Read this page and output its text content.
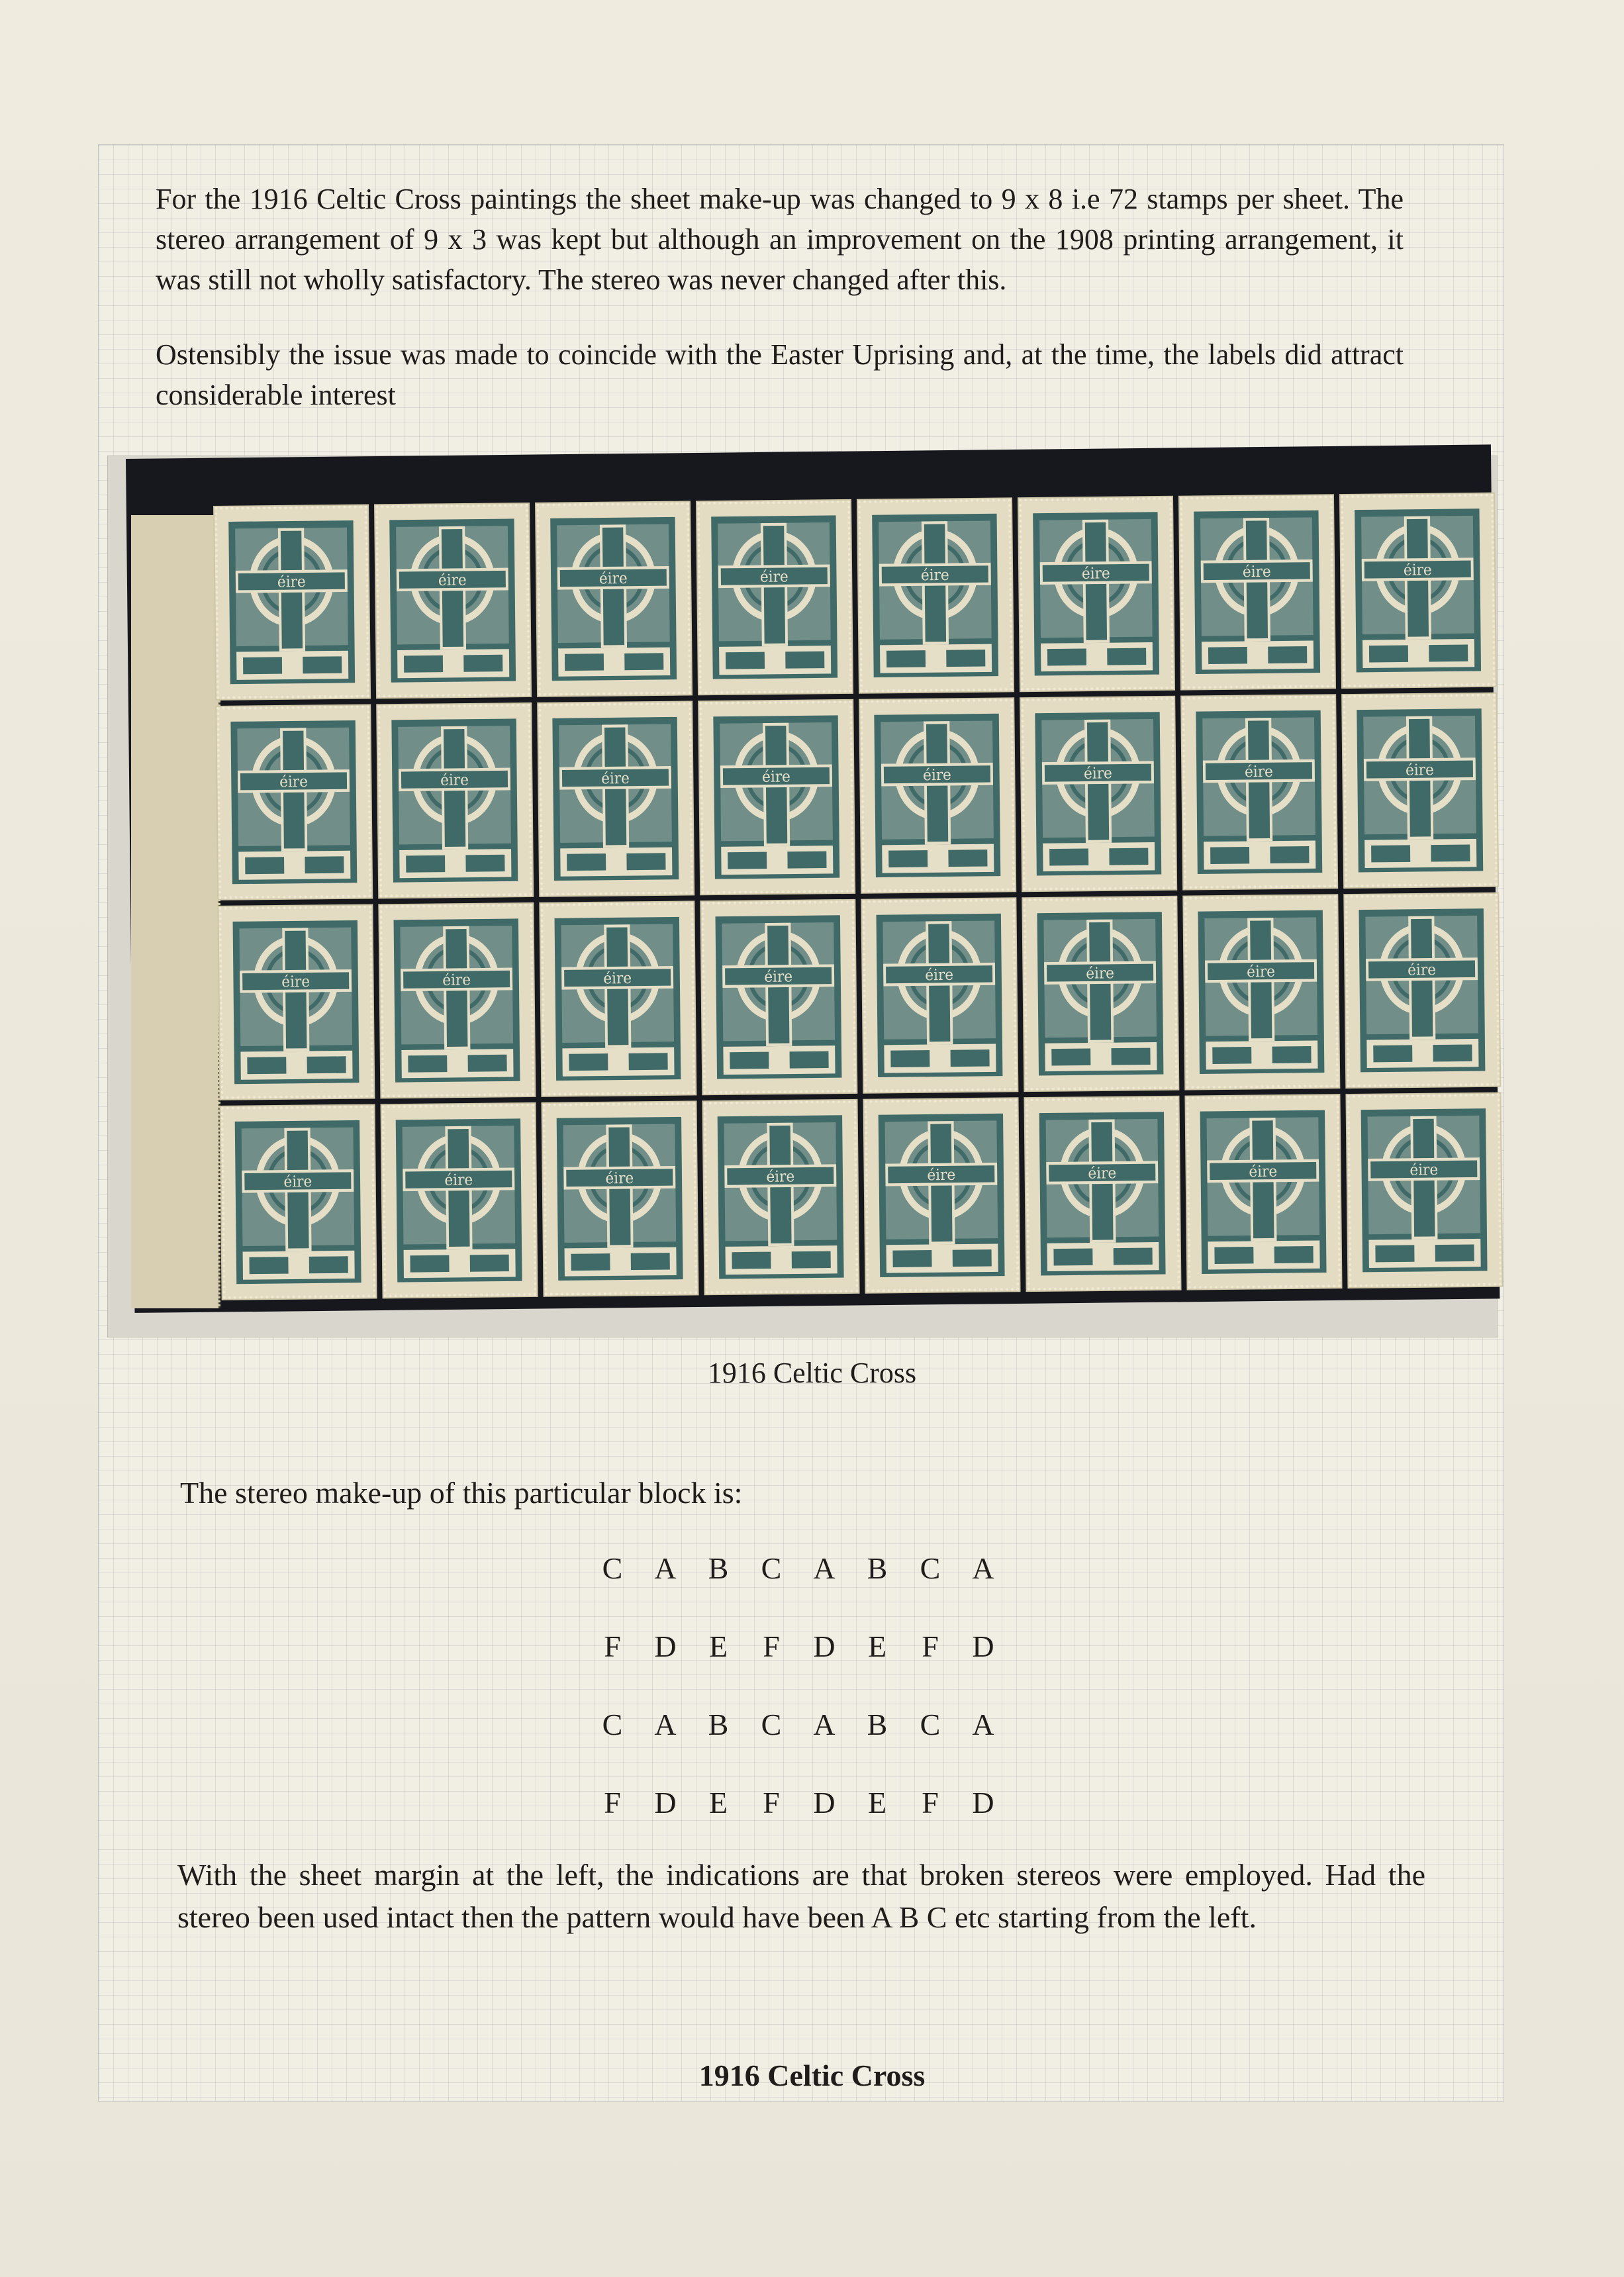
For the 1916 Celtic Cross paintings the sheet make-up was changed to 9 x 8 i.e 72 stamps per sheet. The stereo arrangement of 9 x 3 was kept but although an improvement on the 1908 printing arrangement, it was still not wholly satisfactory. The stereo was never changed after this.
Ostensibly the issue was made to coincide with the Easter Uprising and, at the time, the labels did attract considerable interest
éire	éire	éire	éire	éire	éire	éire	éire
éire	éire	éire	éire	éire	éire	éire	éire
éire	éire	éire	éire	éire	éire	éire	éire
éire	éire	éire	éire	éire	éire	éire	éire
1916 Celtic Cross
The stereo make-up of this particular block is:
C	A	B	C	A	B	C	A
F	D	E	F	D	E	F	D
C	A	B	C	A	B	C	A
F	D	E	F	D	E	F	D
With the sheet margin at the left, the indications are that broken stereos were employed. Had the stereo been used intact then the pattern would have been A B C etc starting from the left.
1916 Celtic Cross
